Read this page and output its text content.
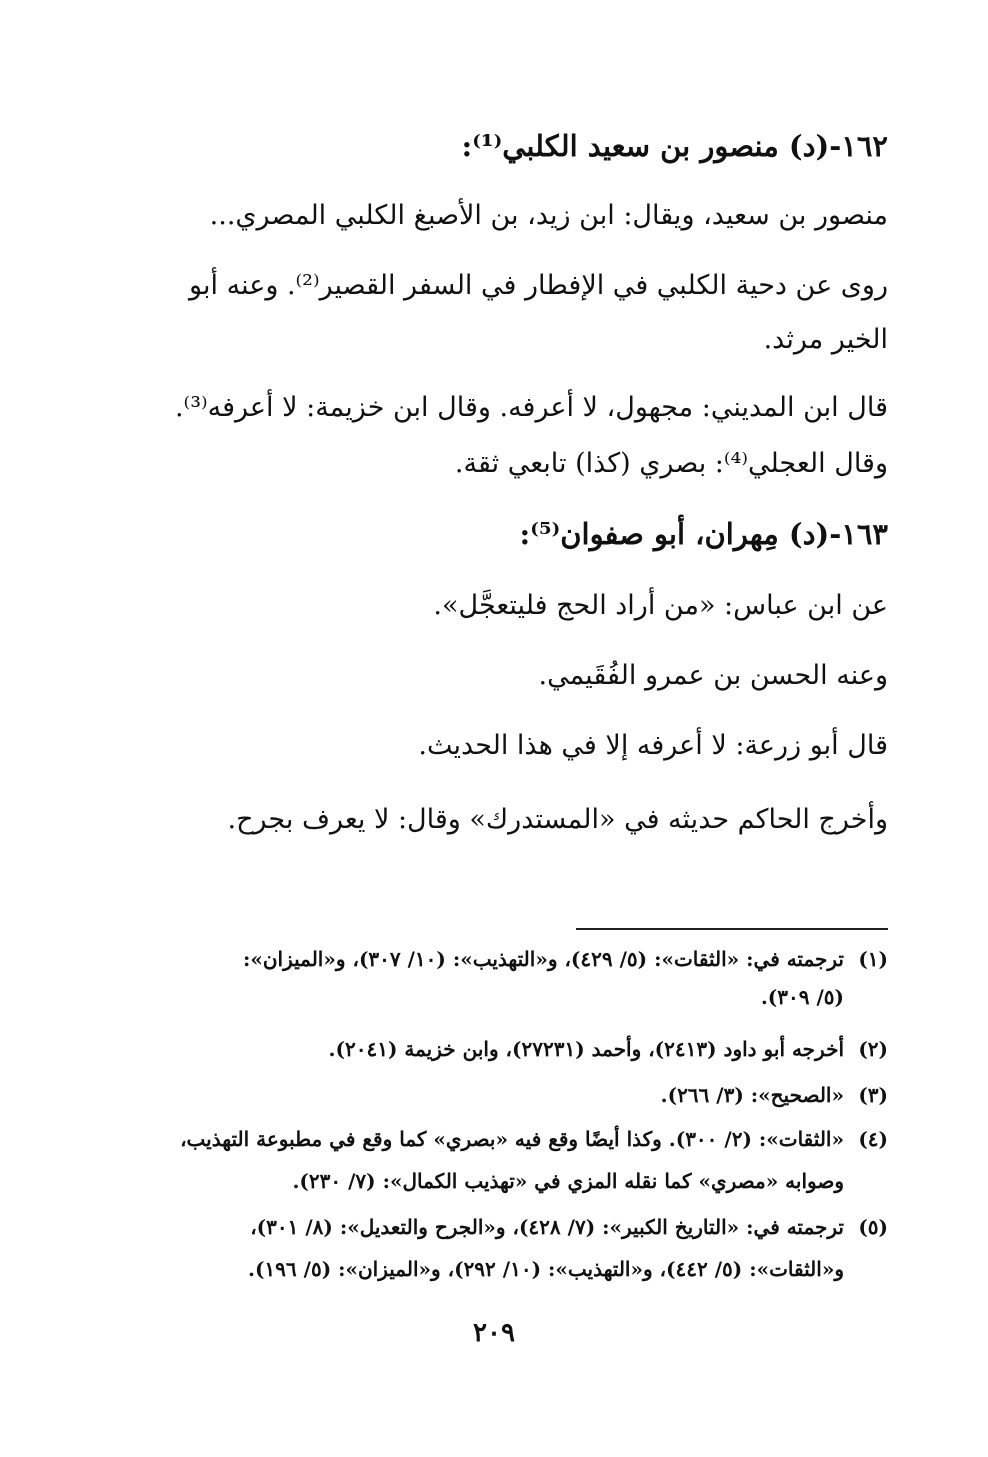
١٦٢-(د) منصور بن سعيد الكلبي⁽¹⁾:
منصور بن سعيد، ويقال: ابن زيد، بن الأصبغ الكلبي المصري...
روى عن دحية الكلبي في الإفطار في السفر القصير⁽²⁾. وعنه أبو
الخير مرثد.
قال ابن المديني: مجهول، لا أعرفه. وقال ابن خزيمة: لا أعرفه⁽³⁾.
وقال العجلي⁽⁴⁾: بصري (كذا) تابعي ثقة.
١٦٣-(د) مِهران، أبو صفوان⁽⁵⁾:
عن ابن عباس: «من أراد الحج فليتعجَّل».
وعنه الحسن بن عمرو الفُقَيمي.
قال أبو زرعة: لا أعرفه إلا في هذا الحديث.
وأخرج الحاكم حديثه في «المستدرك» وقال: لا يعرف بجرح.
(١)ترجمته في: «الثقات»: (٥/ ٤٢٩)، و«التهذيب»: (١٠/ ٣٠٧)، و«الميزان»:
(٥/ ٣٠٩).
(٢)أخرجه أبو داود (٢٤١٣)، وأحمد (٢٧٢٣١)، وابن خزيمة (٢٠٤١).
(٣)«الصحيح»: (٣/ ٢٦٦).
(٤)«الثقات»: (٢/ ٣٠٠). وكذا أيضًا وقع فيه «بصري» كما وقع في مطبوعة التهذيب،
وصوابه «مصري» كما نقله المزي في «تهذيب الكمال»: (٧/ ٢٣٠).
(٥)ترجمته في: «التاريخ الكبير»: (٧/ ٤٢٨)، و«الجرح والتعديل»: (٨/ ٣٠١)،
و«الثقات»: (٥/ ٤٤٢)، و«التهذيب»: (١٠/ ٢٩٢)، و«الميزان»: (٥/ ١٩٦).
٢٠٩
